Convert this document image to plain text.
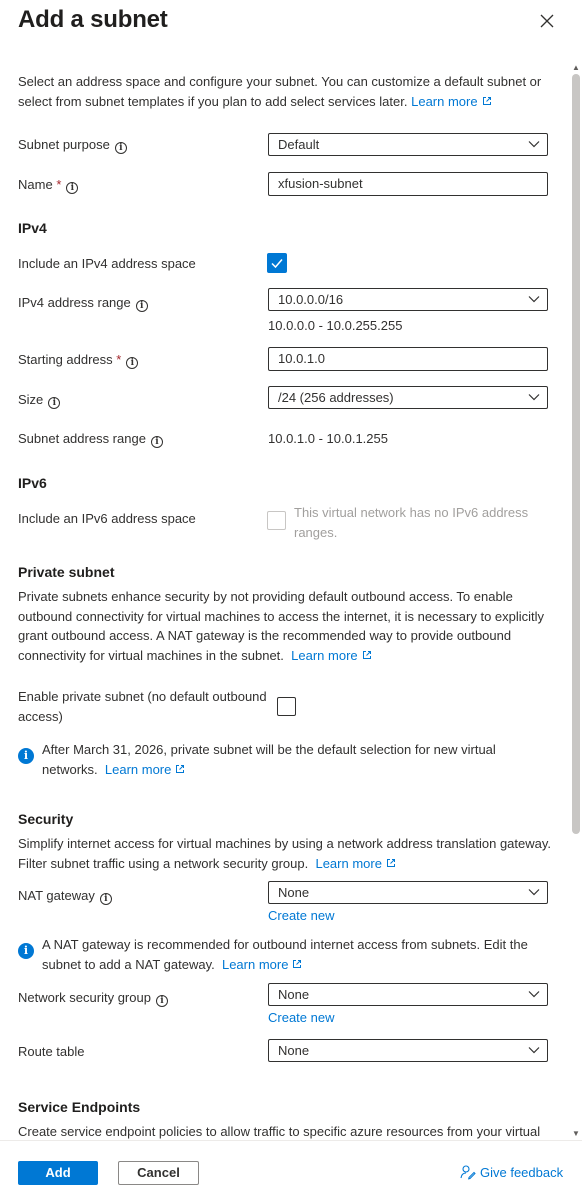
Add a subnet
Select an address space and configure your subnet. You can customize a default subnet or select from subnet templates if you plan to add select services later. Learn more
Subnet purpose i	Default
Name * i	xfusion-subnet
IPv4
Include an IPv4 address space
IPv4 address range i	10.0.0.0/16
10.0.0.0 - 10.0.255.255
Starting address * i	10.0.1.0
Size i	/24 (256 addresses)
Subnet address range i	10.0.1.0 - 10.0.1.255
IPv6
Include an IPv6 address space	This virtual network has no IPv6 address
ranges.
Private subnet
Private subnets enhance security by not providing default outbound access. To enable outbound connectivity for virtual machines to access the internet, it is necessary to explicitly grant outbound access. A NAT gateway is the recommended way to provide outbound connectivity for virtual machines in the subnet. Learn more
Enable private subnet (no default outbound
access)
i	After March 31, 2026, private subnet will be the default selection for new virtual networks. Learn more
Security
Simplify internet access for virtual machines by using a network address translation gateway. Filter subnet traffic using a network security group. Learn more
NAT gateway i	None
Create new
i	A NAT gateway is recommended for outbound internet access from subnets. Edit the subnet to add a NAT gateway. Learn more
Network security group i	None
Create new
Route table	None
Service Endpoints
Create service endpoint policies to allow traffic to specific azure resources from your virtual
▲
▼
Add	Cancel	Give feedback
